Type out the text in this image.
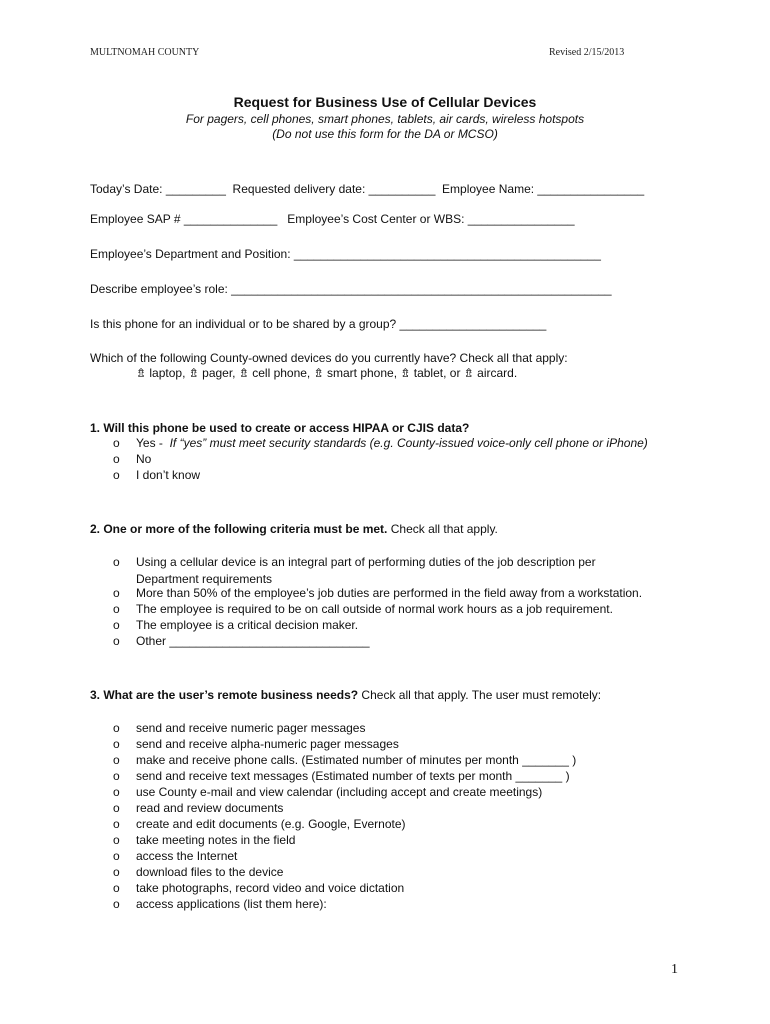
MULTNOMAH COUNTY	Revised 2/15/2013
Request for Business Use of Cellular Devices
For pagers, cell phones, smart phones, tablets, air cards, wireless hotspots
(Do not use this form for the DA or MCSO)
Today’s Date: _________  Requested delivery date: __________  Employee Name: ________________
Employee SAP # ______________   Employee’s Cost Center or WBS: ________________
Employee’s Department and Position: ______________________________________________
Describe employee’s role: _________________________________________________________
Is this phone for an individual or to be shared by a group? ______________________
Which of the following County-owned devices do you currently have? Check all that apply:
⇯ laptop, ⇯ pager, ⇯ cell phone, ⇯ smart phone, ⇯ tablet, or ⇯ aircard.
1. Will this phone be used to create or access HIPAA or CJIS data?
o Yes -  If “yes” must meet security standards (e.g. County-issued voice-only cell phone or iPhone)
o No
o I don’t know
2. One or more of the following criteria must be met. Check all that apply.
o Using a cellular device is an integral part of performing duties of the job description per
Department requirements
o More than 50% of the employee’s job duties are performed in the field away from a workstation.
o The employee is required to be on call outside of normal work hours as a job requirement.
o The employee is a critical decision maker.
o Other ______________________________
3. What are the user’s remote business needs? Check all that apply. The user must remotely:
o send and receive numeric pager messages
o send and receive alpha-numeric pager messages
o make and receive phone calls. (Estimated number of minutes per month _______ )
o send and receive text messages (Estimated number of texts per month _______ )
o use County e-mail and view calendar (including accept and create meetings)
o read and review documents
o create and edit documents (e.g. Google, Evernote)
o take meeting notes in the field
o access the Internet
o download files to the device
o take photographs, record video and voice dictation
o access applications (list them here):
1
